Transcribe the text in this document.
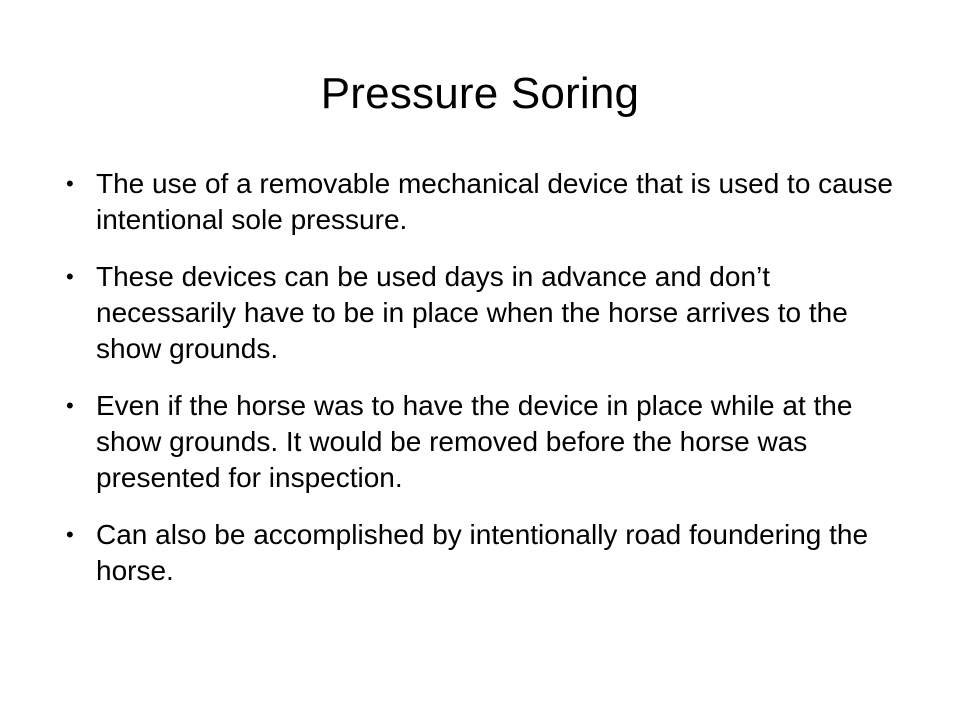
Pressure Soring
• The use of a removable mechanical device that is used to cause intentional sole pressure.
• These devices can be used days in advance and don’t necessarily have to be in place when the horse arrives to the show grounds.
• Even if the horse was to have the device in place while at the show grounds. It would be removed before the horse was presented for inspection.
• Can also be accomplished by intentionally road foundering the horse.
